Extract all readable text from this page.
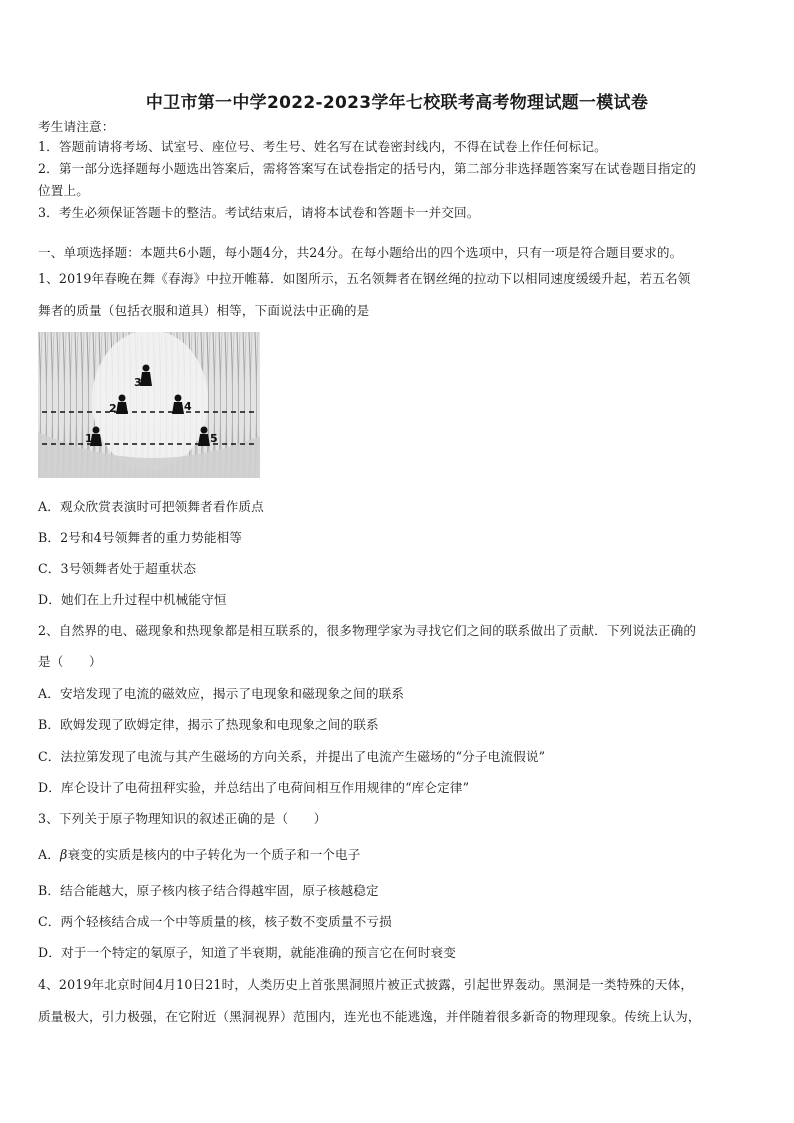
中卫市第一中学2022-2023学年七校联考高考物理试题一模试卷
考生请注意：
1．答题前请将考场、试室号、座位号、考生号、姓名写在试卷密封线内，不得在试卷上作任何标记。
2．第一部分选择题每小题选出答案后，需将答案写在试卷指定的括号内，第二部分非选择题答案写在试卷题目指定的
位置上。
3．考生必须保证答题卡的整洁。考试结束后，请将本试卷和答题卡一并交回。
一、单项选择题：本题共6小题，每小题4分，共24分。在每小题给出的四个选项中，只有一项是符合题目要求的。
1、2019年春晚在舞《春海》中拉开帷幕．如图所示，五名领舞者在钢丝绳的拉动下以相同速度缓缓升起，若五名领
舞者的质量（包括衣服和道具）相等，下面说法中正确的是
1
2
3
4
5
A．观众欣赏表演时可把领舞者看作质点
B．2号和4号领舞者的重力势能相等
C．3号领舞者处于超重状态
D．她们在上升过程中机械能守恒
2、自然界的电、磁现象和热现象都是相互联系的，很多物理学家为寻找它们之间的联系做出了贡献．下列说法正确的
是（　　）
A．安培发现了电流的磁效应，揭示了电现象和磁现象之间的联系
B．欧姆发现了欧姆定律，揭示了热现象和电现象之间的联系
C．法拉第发现了电流与其产生磁场的方向关系，并提出了电流产生磁场的“分子电流假说”
D．库仑设计了电荷扭秤实验，并总结出了电荷间相互作用规律的“库仑定律”
3、下列关于原子物理知识的叙述正确的是（　　）
A．β衰变的实质是核内的中子转化为一个质子和一个电子
B．结合能越大，原子核内核子结合得越牢固，原子核越稳定
C．两个轻核结合成一个中等质量的核，核子数不变质量不亏损
D．对于一个特定的氡原子，知道了半衰期，就能准确的预言它在何时衰变
4、2019年北京时间4月10日21时，人类历史上首张黑洞照片被正式披露，引起世界轰动。黑洞是一类特殊的天体，
质量极大，引力极强，在它附近（黑洞视界）范围内，连光也不能逃逸，并伴随着很多新奇的物理现象。传统上认为，
